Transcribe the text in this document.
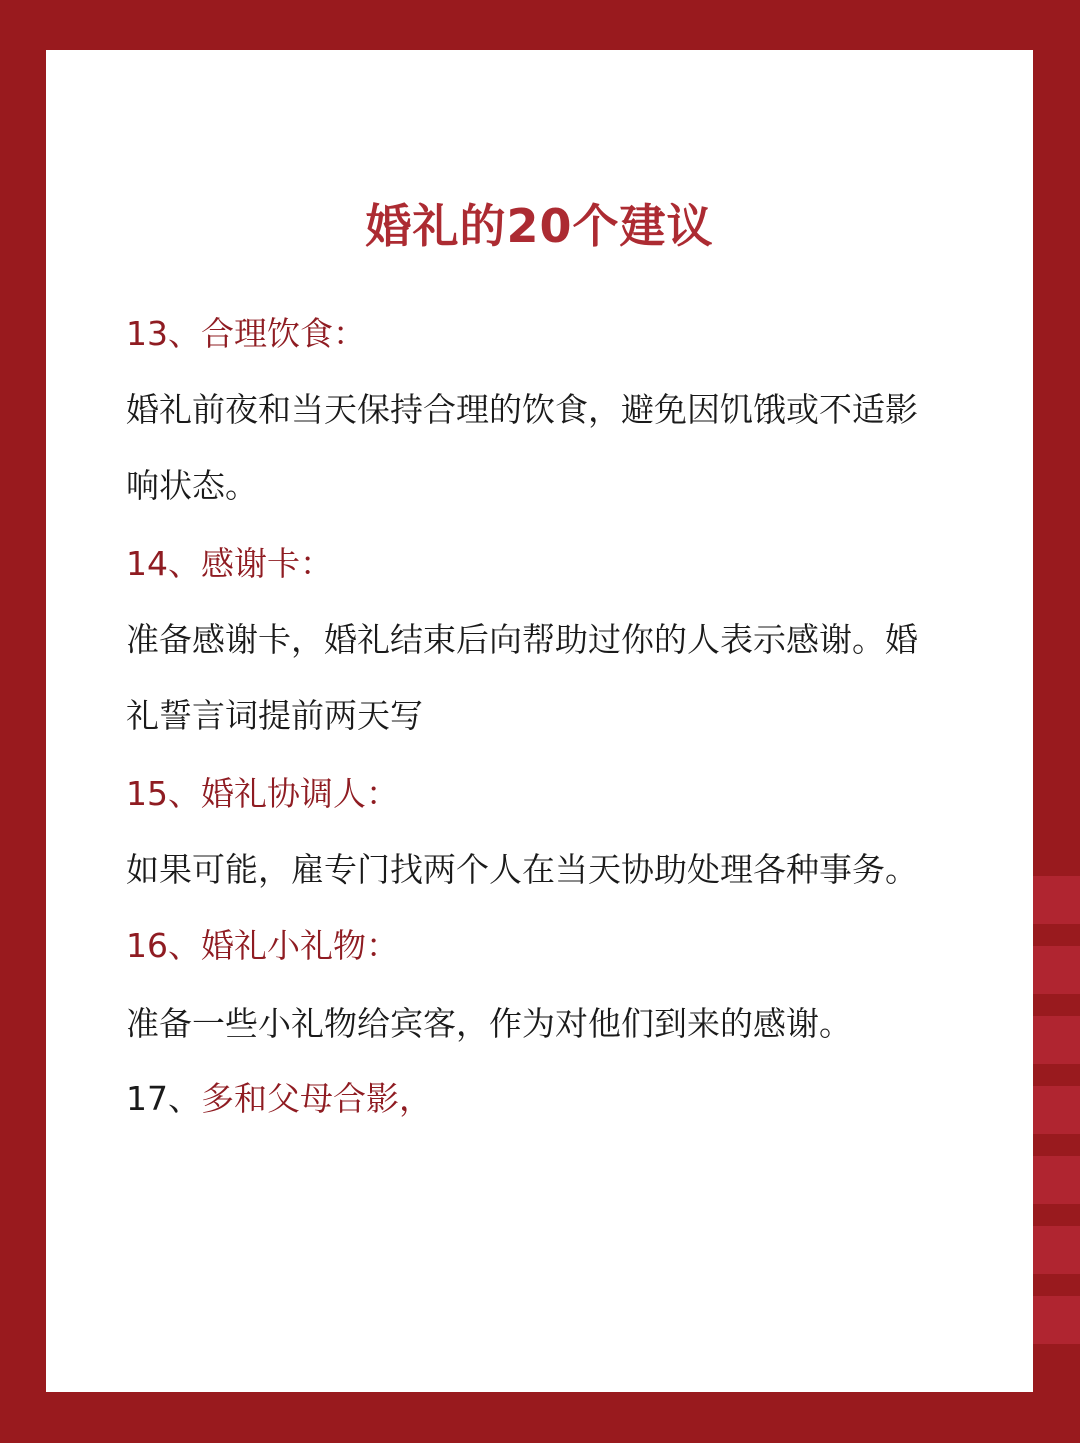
婚礼的20个建议

13、合理饮食：

婚礼前夜和当天保持合理的饮食，避免因饥饿或不适影

响状态。

14、感谢卡：

准备感谢卡，婚礼结束后向帮助过你的人表示感谢。婚

礼誓言词提前两天写

15、婚礼协调人：

如果可能，雇专门找两个人在当天协助处理各种事务。

16、婚礼小礼物：

准备一些小礼物给宾客，作为对他们到来的感谢。

17、多和父母合影，
